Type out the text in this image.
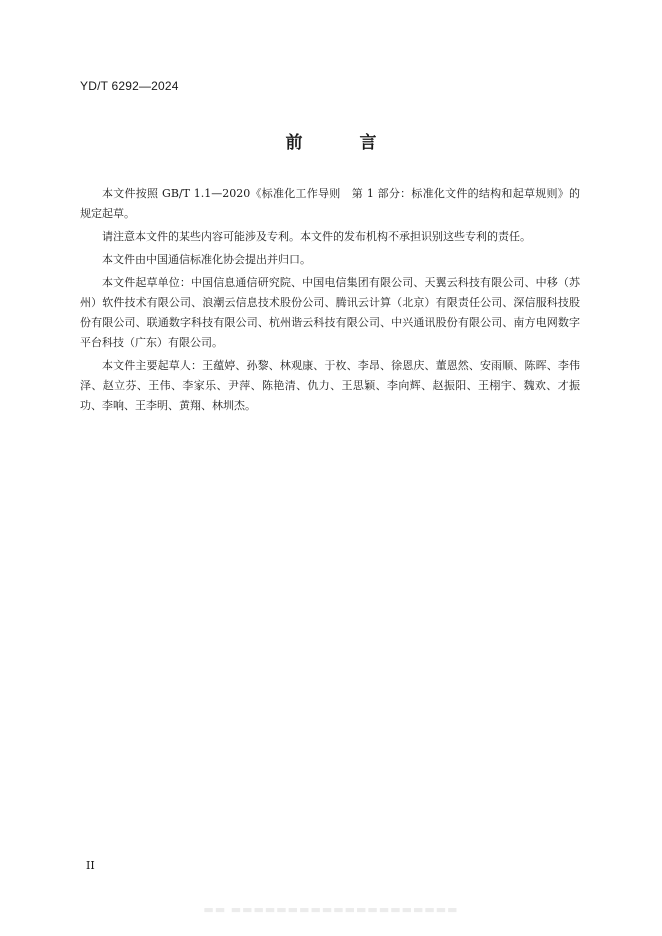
YD/T 6292—2024
前　言

本文件按照 GB/T 1.1—2020《标准化工作导则　第 1 部分：标准化文件的结构和起草规则》的规定起草。

请注意本文件的某些内容可能涉及专利。本文件的发布机构不承担识别这些专利的责任。

本文件由中国通信标准化协会提出并归口。

本文件起草单位：中国信息通信研究院、中国电信集团有限公司、天翼云科技有限公司、中移（苏州）软件技术有限公司、浪潮云信息技术股份公司、腾讯云计算（北京）有限责任公司、深信服科技股份有限公司、联通数字科技有限公司、杭州谐云科技有限公司、中兴通讯股份有限公司、南方电网数字平台科技（广东）有限公司。

本文件主要起草人：王蕴婷、孙黎、林观康、于枚、李昂、徐恩庆、董恩然、安雨顺、陈晖、李伟泽、赵立芬、王伟、李家乐、尹萍、陈艳清、仇力、王思颖、李向辉、赵振阳、王栩宇、魏欢、才振功、李响、王李明、黄翔、林圳杰。

II
▬▬ ▬▬▬▬▬▬▬▬▬▬▬▬▬▬▬▬▬▬▬▬
